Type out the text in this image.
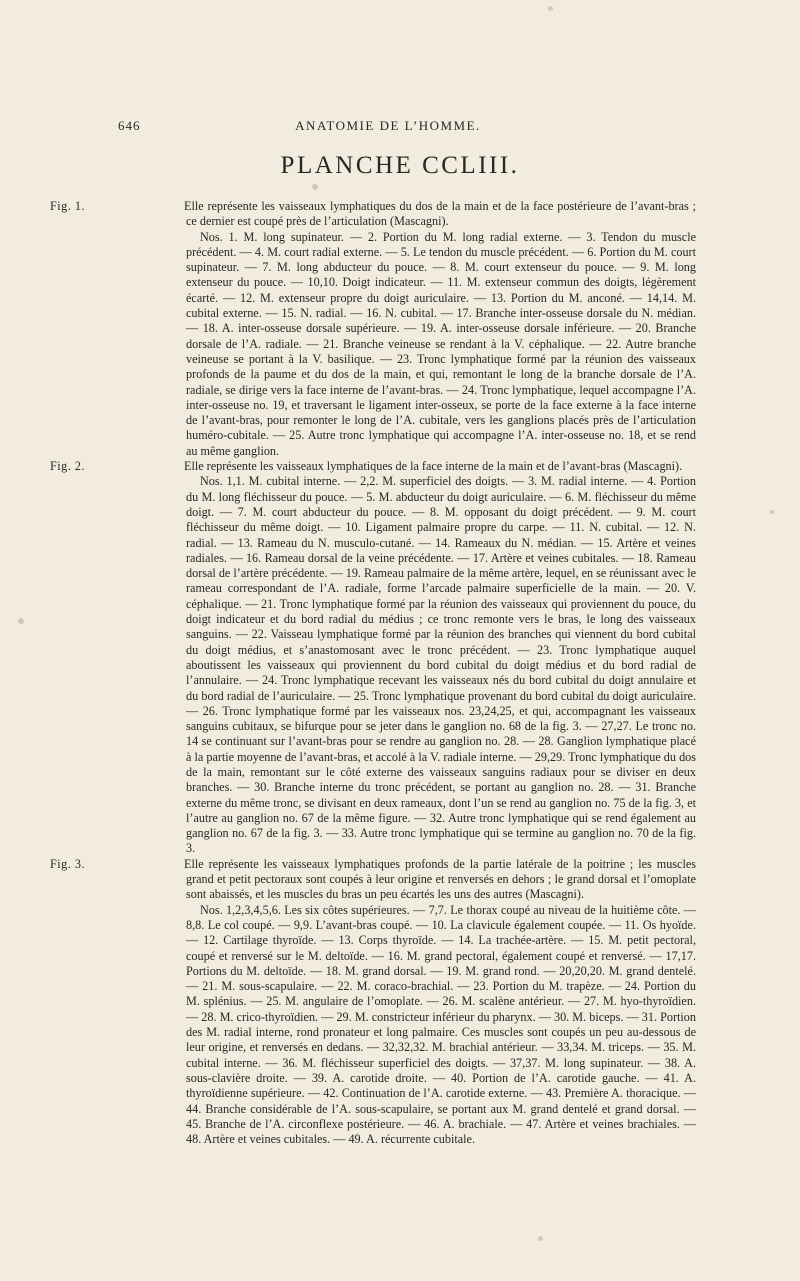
646	ANATOMIE DE L’HOMME.
PLANCHE CCLIII.

Fig. 1.	Elle représente les vaisseaux lymphatiques du dos de la main et de la face postérieure de l’avant-bras ; ce dernier est coupé près de l’articulation (Mascagni).

Nos. 1. M. long supinateur. — 2. Portion du M. long radial externe. — 3. Tendon du muscle précédent. — 4. M. court radial externe. — 5. Le tendon du muscle précédent. — 6. Portion du M. court supinateur. — 7. M. long abducteur du pouce. — 8. M. court extenseur du pouce. — 9. M. long extenseur du pouce. — 10,10. Doigt indicateur. — 11. M. extenseur commun des doigts, légèrement écarté. — 12. M. extenseur propre du doigt auriculaire. — 13. Portion du M. anconé. — 14,14. M. cubital externe. — 15. N. radial. — 16. N. cubital. — 17. Branche inter-osseuse dorsale du N. médian. — 18. A. inter-osseuse dorsale supérieure. — 19. A. inter-osseuse dorsale inférieure. — 20. Branche dorsale de l’A. radiale. — 21. Branche veineuse se rendant à la V. céphalique. — 22. Autre branche veineuse se portant à la V. basilique. — 23. Tronc lymphatique formé par la réunion des vaisseaux profonds de la paume et du dos de la main, et qui, remontant le long de la branche dorsale de l’A. radiale, se dirige vers la face interne de l’avant-bras. — 24. Tronc lymphatique, lequel accompagne l’A. inter-osseuse no. 19, et traversant le ligament inter-osseux, se porte de la face externe à la face interne de l’avant-bras, pour remonter le long de l’A. cubitale, vers les ganglions placés près de l’articulation huméro-cubitale. — 25. Autre tronc lymphatique qui accompagne l’A. inter-osseuse no. 18, et se rend au même ganglion.

Fig. 2.	Elle représente les vaisseaux lymphatiques de la face interne de la main et de l’avant-bras (Mascagni).

Nos. 1,1. M. cubital interne. — 2,2. M. superficiel des doigts. — 3. M. radial interne. — 4. Portion du M. long fléchisseur du pouce. — 5. M. abducteur du doigt auriculaire. — 6. M. fléchisseur du même doigt. — 7. M. court abducteur du pouce. — 8. M. opposant du doigt précédent. — 9. M. court fléchisseur du même doigt. — 10. Ligament palmaire propre du carpe. — 11. N. cubital. — 12. N. radial. — 13. Rameau du N. musculo-cutané. — 14. Rameaux du N. médian. — 15. Artère et veines radiales. — 16. Rameau dorsal de la veine précédente. — 17. Artère et veines cubitales. — 18. Rameau dorsal de l’artère précédente. — 19. Rameau palmaire de la même artère, lequel, en se réunissant avec le rameau correspondant de l’A. radiale, forme l’arcade palmaire superficielle de la main. — 20. V. céphalique. — 21. Tronc lymphatique formé par la réunion des vaisseaux qui proviennent du pouce, du doigt indicateur et du bord radial du médius ; ce tronc remonte vers le bras, le long des vaisseaux sanguins. — 22. Vaisseau lymphatique formé par la réunion des branches qui viennent du bord cubital du doigt médius, et s’anastomosant avec le tronc précédent. — 23. Tronc lymphatique auquel aboutissent les vaisseaux qui proviennent du bord cubital du doigt médius et du bord radial de l’annulaire. — 24. Tronc lymphatique recevant les vaisseaux nés du bord cubital du doigt annulaire et du bord radial de l’auriculaire. — 25. Tronc lymphatique provenant du bord cubital du doigt auriculaire. — 26. Tronc lymphatique formé par les vaisseaux nos. 23,24,25, et qui, accompagnant les vaisseaux sanguins cubitaux, se bifurque pour se jeter dans le ganglion no. 68 de la fig. 3. — 27,27. Le tronc no. 14 se continuant sur l’avant-bras pour se rendre au ganglion no. 28. — 28. Ganglion lymphatique placé à la partie moyenne de l’avant-bras, et accolé à la V. radiale interne. — 29,29. Tronc lymphatique du dos de la main, remontant sur le côté externe des vaisseaux sanguins radiaux pour se diviser en deux branches. — 30. Branche interne du tronc précédent, se portant au ganglion no. 28. — 31. Branche externe du même tronc, se divisant en deux rameaux, dont l’un se rend au ganglion no. 75 de la fig. 3, et l’autre au ganglion no. 67 de la même figure. — 32. Autre tronc lymphatique qui se rend également au ganglion no. 67 de la fig. 3. — 33. Autre tronc lymphatique qui se termine au ganglion no. 70 de la fig. 3.

Fig. 3.	Elle représente les vaisseaux lymphatiques profonds de la partie latérale de la poitrine ; les muscles grand et petit pectoraux sont coupés à leur origine et renversés en dehors ; le grand dorsal et l’omoplate sont abaissés, et les muscles du bras un peu écartés les uns des autres (Mascagni).

Nos. 1,2,3,4,5,6. Les six côtes supérieures. — 7,7. Le thorax coupé au niveau de la huitième côte. — 8,8. Le col coupé. — 9,9. L’avant-bras coupé. — 10. La clavicule également coupée. — 11. Os hyoïde. — 12. Cartilage thyroïde. — 13. Corps thyroïde. — 14. La trachée-artère. — 15. M. petit pectoral, coupé et renversé sur le M. deltoïde. — 16. M. grand pectoral, également coupé et renversé. — 17,17. Portions du M. deltoïde. — 18. M. grand dorsal. — 19. M. grand rond. — 20,20,20. M. grand dentelé. — 21. M. sous-scapulaire. — 22. M. coraco-brachial. — 23. Portion du M. trapèze. — 24. Portion du M. splénius. — 25. M. angulaire de l’omoplate. — 26. M. scalène antérieur. — 27. M. hyo-thyroïdien. — 28. M. crico-thyroïdien. — 29. M. constricteur inférieur du pharynx. — 30. M. biceps. — 31. Portion des M. radial interne, rond pronateur et long palmaire. Ces muscles sont coupés un peu au-dessous de leur origine, et renversés en dedans. — 32,32,32. M. brachial antérieur. — 33,34. M. triceps. — 35. M. cubital interne. — 36. M. fléchisseur superficiel des doigts. — 37,37. M. long supinateur. — 38. A. sous-clavière droite. — 39. A. carotide droite. — 40. Portion de l’A. carotide gauche. — 41. A. thyroïdienne supérieure. — 42. Continuation de l’A. carotide externe. — 43. Première A. thoracique. — 44. Branche considérable de l’A. sous-scapulaire, se portant aux M. grand dentelé et grand dorsal. — 45. Branche de l’A. circonflexe postérieure. — 46. A. brachiale. — 47. Artère et veines brachiales. — 48. Artère et veines cubitales. — 49. A. récurrente cubitale.
